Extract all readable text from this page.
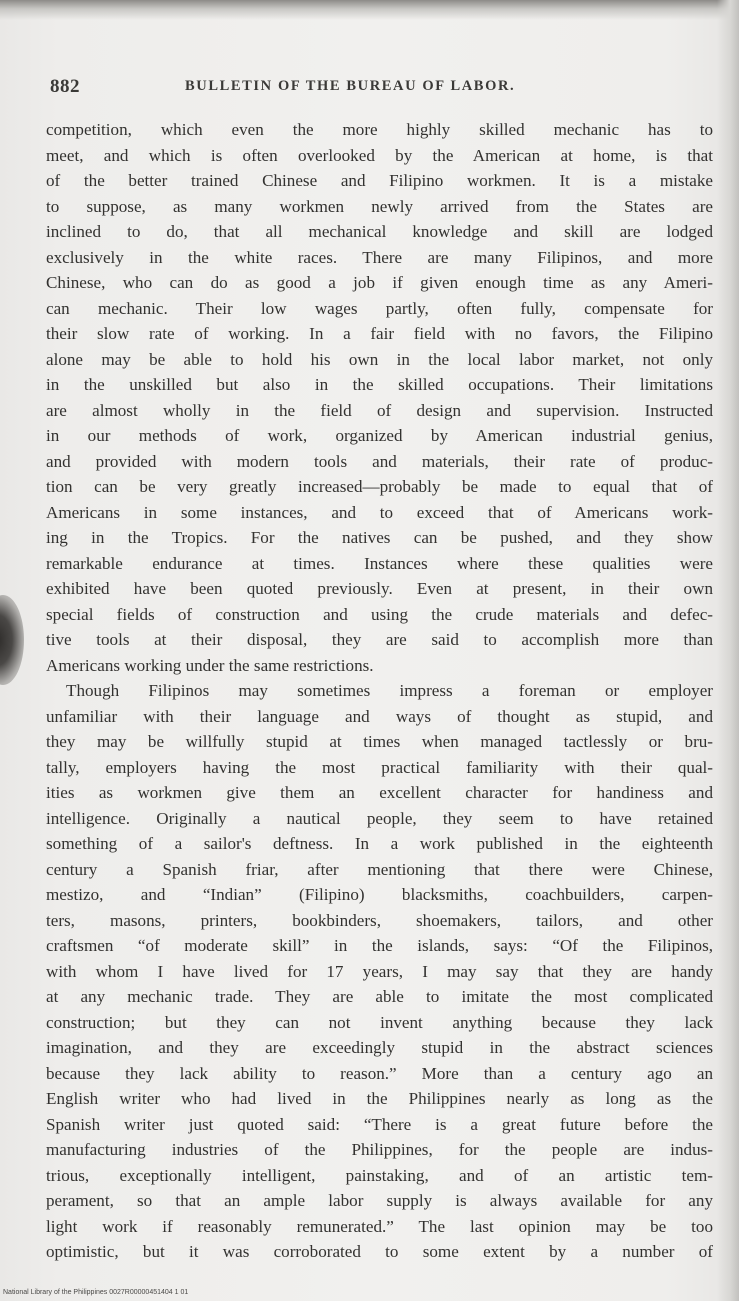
882	BULLETIN OF THE BUREAU OF LABOR.
competition, which even the more highly skilled mechanic has to
meet, and which is often overlooked by the American at home, is that
of the better trained Chinese and Filipino workmen. It is a mistake
to suppose, as many workmen newly arrived from the States are
inclined to do, that all mechanical knowledge and skill are lodged
exclusively in the white races. There are many Filipinos, and more
Chinese, who can do as good a job if given enough time as any Ameri-
can mechanic. Their low wages partly, often fully, compensate for
their slow rate of working. In a fair field with no favors, the Filipino
alone may be able to hold his own in the local labor market, not only
in the unskilled but also in the skilled occupations. Their limitations
are almost wholly in the field of design and supervision. Instructed
in our methods of work, organized by American industrial genius,
and provided with modern tools and materials, their rate of produc-
tion can be very greatly increased—probably be made to equal that of
Americans in some instances, and to exceed that of Americans work-
ing in the Tropics. For the natives can be pushed, and they show
remarkable endurance at times. Instances where these qualities were
exhibited have been quoted previously. Even at present, in their own
special fields of construction and using the crude materials and defec-
tive tools at their disposal, they are said to accomplish more than
Americans working under the same restrictions.
Though Filipinos may sometimes impress a foreman or employer
unfamiliar with their language and ways of thought as stupid, and
they may be willfully stupid at times when managed tactlessly or bru-
tally, employers having the most practical familiarity with their qual-
ities as workmen give them an excellent character for handiness and
intelligence. Originally a nautical people, they seem to have retained
something of a sailor's deftness. In a work published in the eighteenth
century a Spanish friar, after mentioning that there were Chinese,
mestizo, and “Indian” (Filipino) blacksmiths, coachbuilders, carpen-
ters, masons, printers, bookbinders, shoemakers, tailors, and other
craftsmen “of moderate skill” in the islands, says: “Of the Filipinos,
with whom I have lived for 17 years, I may say that they are handy
at any mechanic trade. They are able to imitate the most complicated
construction; but they can not invent anything because they lack
imagination, and they are exceedingly stupid in the abstract sciences
because they lack ability to reason.” More than a century ago an
English writer who had lived in the Philippines nearly as long as the
Spanish writer just quoted said: “There is a great future before the
manufacturing industries of the Philippines, for the people are indus-
trious, exceptionally intelligent, painstaking, and of an artistic tem-
perament, so that an ample labor supply is always available for any
light work if reasonably remunerated.” The last opinion may be too
optimistic, but it was corroborated to some extent by a number of
National Library of the Philippines 0027R00000451404 1 01
